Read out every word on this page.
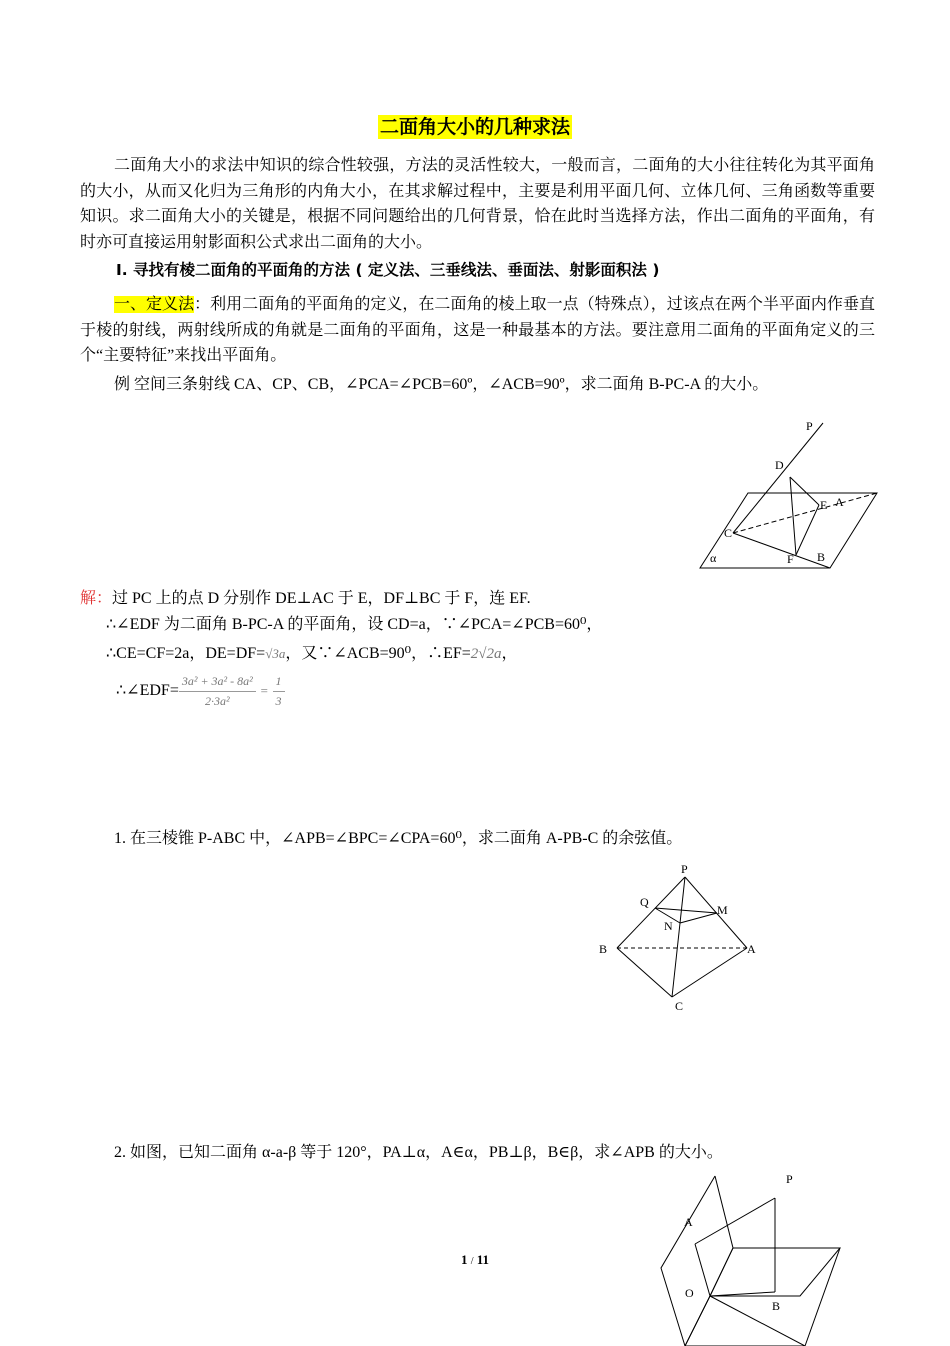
二面角大小的几种求法
二面角大小的求法中知识的综合性较强，方法的灵活性较大，一般而言，二面角的大小往往转化为其平面角的大小，从而又化归为三角形的内角大小，在其求解过程中，主要是利用平面几何、立体几何、三角函数等重要知识。求二面角大小的关键是，根据不同问题给出的几何背景，恰在此时当选择方法，作出二面角的平面角，有时亦可直接运用射影面积公式求出二面角的大小。
I. 寻找有棱二面角的平面角的方法 ( 定义法、三垂线法、垂面法、射影面积法 )
一、定义法：利用二面角的平面角的定义，在二面角的棱上取一点（特殊点），过该点在两个半平面内作垂直于棱的射线，两射线所成的角就是二面角的平面角，这是一种最基本的方法。要注意用二面角的平面角定义的三个“主要特征”来找出平面角。
例 空间三条射线 CA、CP、CB，∠PCA=∠PCB=60º，∠ACB=90º，求二面角 B-PC-A 的大小。
P
D
A
E
C
F B
α
解：过 PC 上的点 D 分别作 DE⊥AC 于 E，DF⊥BC 于 F，连 EF.
∴∠EDF 为二面角 B-PC-A 的平面角，设 CD=a，∵∠PCA=∠PCB=60⁰，
∴CE=CF=2a，DE=DF=√3a，又∵∠ACB=90⁰，∴EF=2√2a，
∴∠EDF= $\frac{\text{3a² + 3a² - 8a²}}{\text{2·3a²}} = \frac{1}{3}$
1. 在三棱锥 P-ABC 中，∠APB=∠BPC=∠CPA=60⁰，求二面角 A-PB-C 的余弦值。
P
Q
M
N
B	A
C
2. 如图，已知二面角 α-a-β 等于 120°，PA⊥α，A∈α，PB⊥β，B∈β，求∠APB 的大小。
P
A
O
B
1 / 11
